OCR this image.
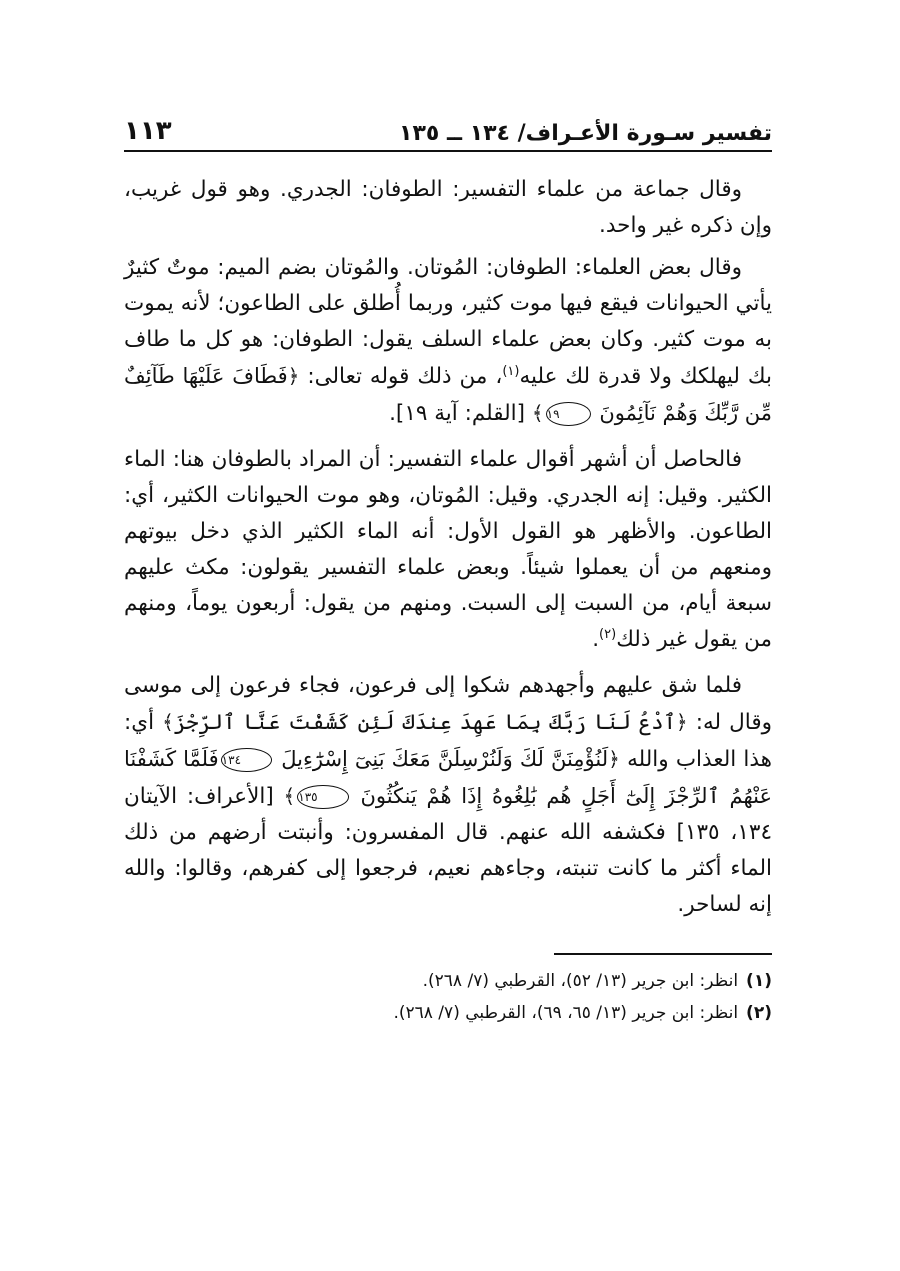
تفسير سـورة الأعـراف/ ١٣٤ ــ ١٣٥
١١٣

وقال جماعة من علماء التفسير: الطوفان: الجدري. وهو قول غريب، وإن ذكره غير واحد.

وقال بعض العلماء: الطوفان: المُوتان. والمُوتان بضم الميم: موتٌ كثيرٌ يأتي الحيوانات فيقع فيها موت كثير، وربما أُطلق على الطاعون؛ لأنه يموت به موت كثير. وكان بعض علماء السلف يقول: الطوفان: هو كل ما طاف بك ليهلكك ولا قدرة لك عليه$^{(١)}$، من ذلك قوله تعالى: ﴿فَطَافَ عَلَيْهَا طَآئِفٌ مِّن رَّبِّكَ وَهُمْ نَآئِمُونَ ١٩﴾ [القلم: آية ١٩].

فالحاصل أن أشهر أقوال علماء التفسير: أن المراد بالطوفان هنا: الماء الكثير. وقيل: إنه الجدري. وقيل: المُوتان، وهو موت الحيوانات الكثير، أي: الطاعون. والأظهر هو القول الأول: أنه الماء الكثير الذي دخل بيوتهم ومنعهم من أن يعملوا شيئاً. وبعض علماء التفسير يقولون: مكث عليهم سبعة أيام، من السبت إلى السبت. ومنهم من يقول: أربعون يوماً، ومنهم من يقول غير ذلك$^{(٢)}$.

فلما شق عليهم وأجهدهم شكوا إلى فرعون، فجاء فرعون إلى موسى وقال له: ﴿ٱدْعُ لَنَا رَبَّكَ بِمَا عَهِدَ عِندَكَ لَئِن كَشَفْتَ عَنَّا ٱلرِّجْزَ﴾ أي: هذا العذاب والله ﴿لَنُؤْمِنَنَّ لَكَ وَلَنُرْسِلَنَّ مَعَكَ بَنِىٓ إِسْرَٰٓءِيلَ ١٣٤فَلَمَّا كَشَفْنَا عَنْهُمُ ٱلرِّجْزَ إِلَىٰٓ أَجَلٍ هُم بَٰلِغُوهُ إِذَا هُمْ يَنكُثُونَ ١٣٥﴾ [الأعراف: الآيتان ١٣٤، ١٣٥] فكشفه الله عنهم. قال المفسرون: وأنبتت أرضهم من ذلك الماء أكثر ما كانت تنبته، وجاءهم نعيم، فرجعوا إلى كفرهم، وقالوا: والله إنه لساحر.

(١)
انظر: ابن جرير (١٣/ ٥٢)، القرطبي (٧/ ٢٦٨).
(٢)
انظر: ابن جرير (١٣/ ٦٥، ٦٩)، القرطبي (٧/ ٢٦٨).
